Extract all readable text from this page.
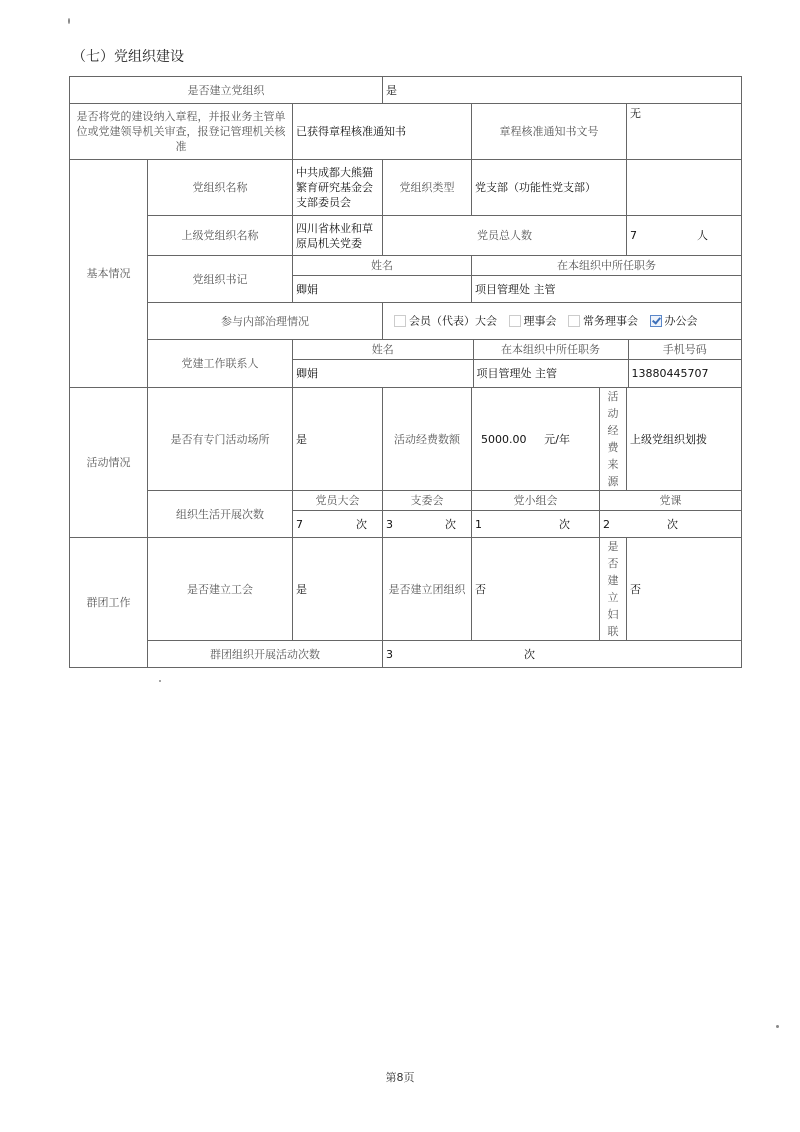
（七）党组织建设
是否建立党组织	是
是否将党的建设纳入章程，并报业务主管单位或党建领导机关审查，报登记管理机关核准	已获得章程核准通知书	章程核准通知书文号	无
基本情况	党组织名称	中共成都大熊猫繁育研究基金会支部委员会	党组织类型	党支部（功能性党支部）	
上级党组织名称	四川省林业和草原局机关党委	党员总人数	7	人

党组织书记	姓名	在本组织中所任职务
卿娟	项目管理处 主管
参与内部治理情况	会员（代表）大会 理事会 常务理事会 办公会
党建工作联系人	
姓名	在本组织中所任职务	手机号码
卿娟	项目管理处 主管	13880445707

活动情况	是否有专门活动场所	是	活动经费数额	5000.00 元/年

活动经费来源
	上级党组织划拨
组织生活开展次数	党员大会	支委会	党小组会	党课

7	次	3	次	1	次	2	次

群团工作	是否建立工会	是	是否建立团组织	否	
是否建立妇联
	否
群团组织开展活动次数	3	次
第8页
